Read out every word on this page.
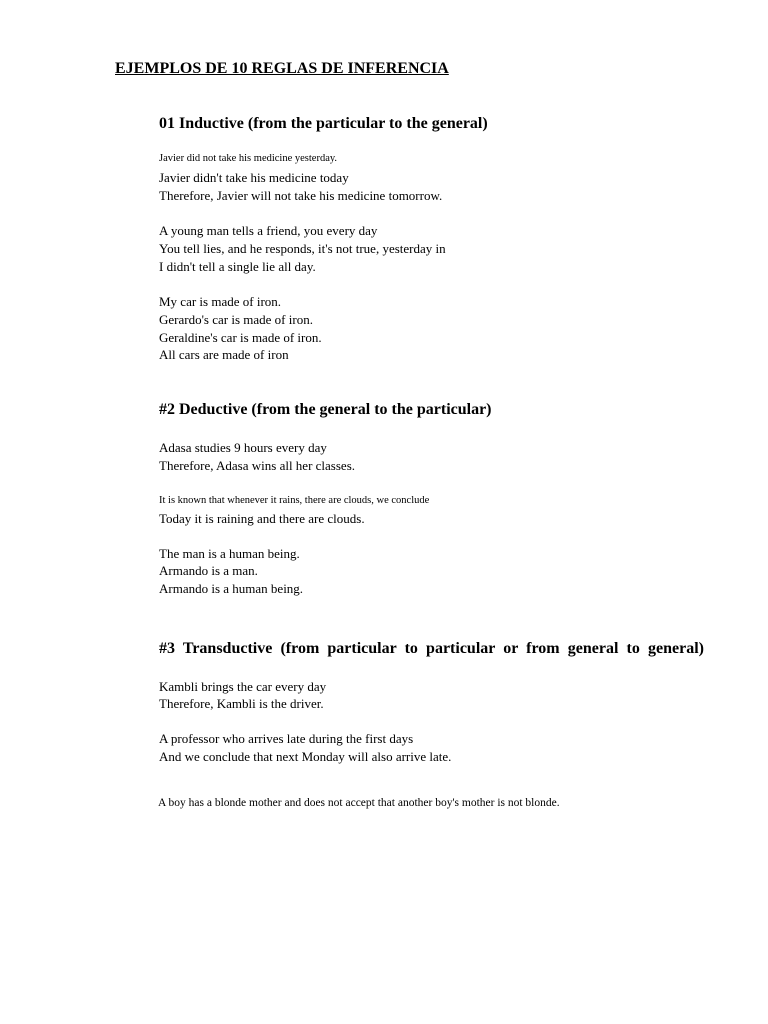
EJEMPLOS DE 10 REGLAS DE INFERENCIA

01 Inductive (from the particular to the general)

Javier did not take his medicine yesterday.

Javier didn't take his medicine today

Therefore, Javier will not take his medicine tomorrow.

A young man tells a friend, you every day

You tell lies, and he responds, it's not true, yesterday in

I didn't tell a single lie all day.

My car is made of iron.

Gerardo's car is made of iron.

Geraldine's car is made of iron.

All cars are made of iron

#2 Deductive (from the general to the particular)

Adasa studies 9 hours every day

Therefore, Adasa wins all her classes.

It is known that whenever it rains, there are clouds, we conclude

Today it is raining and there are clouds.

The man is a human being.

Armando is a man.

Armando is a human being.

#3 Transductive (from particular to particular or from general to general)

Kambli brings the car every day

Therefore, Kambli is the driver.

A professor who arrives late during the first days

And we conclude that next Monday will also arrive late.

A boy has a blonde mother and does not accept that another boy's mother is not blonde.
